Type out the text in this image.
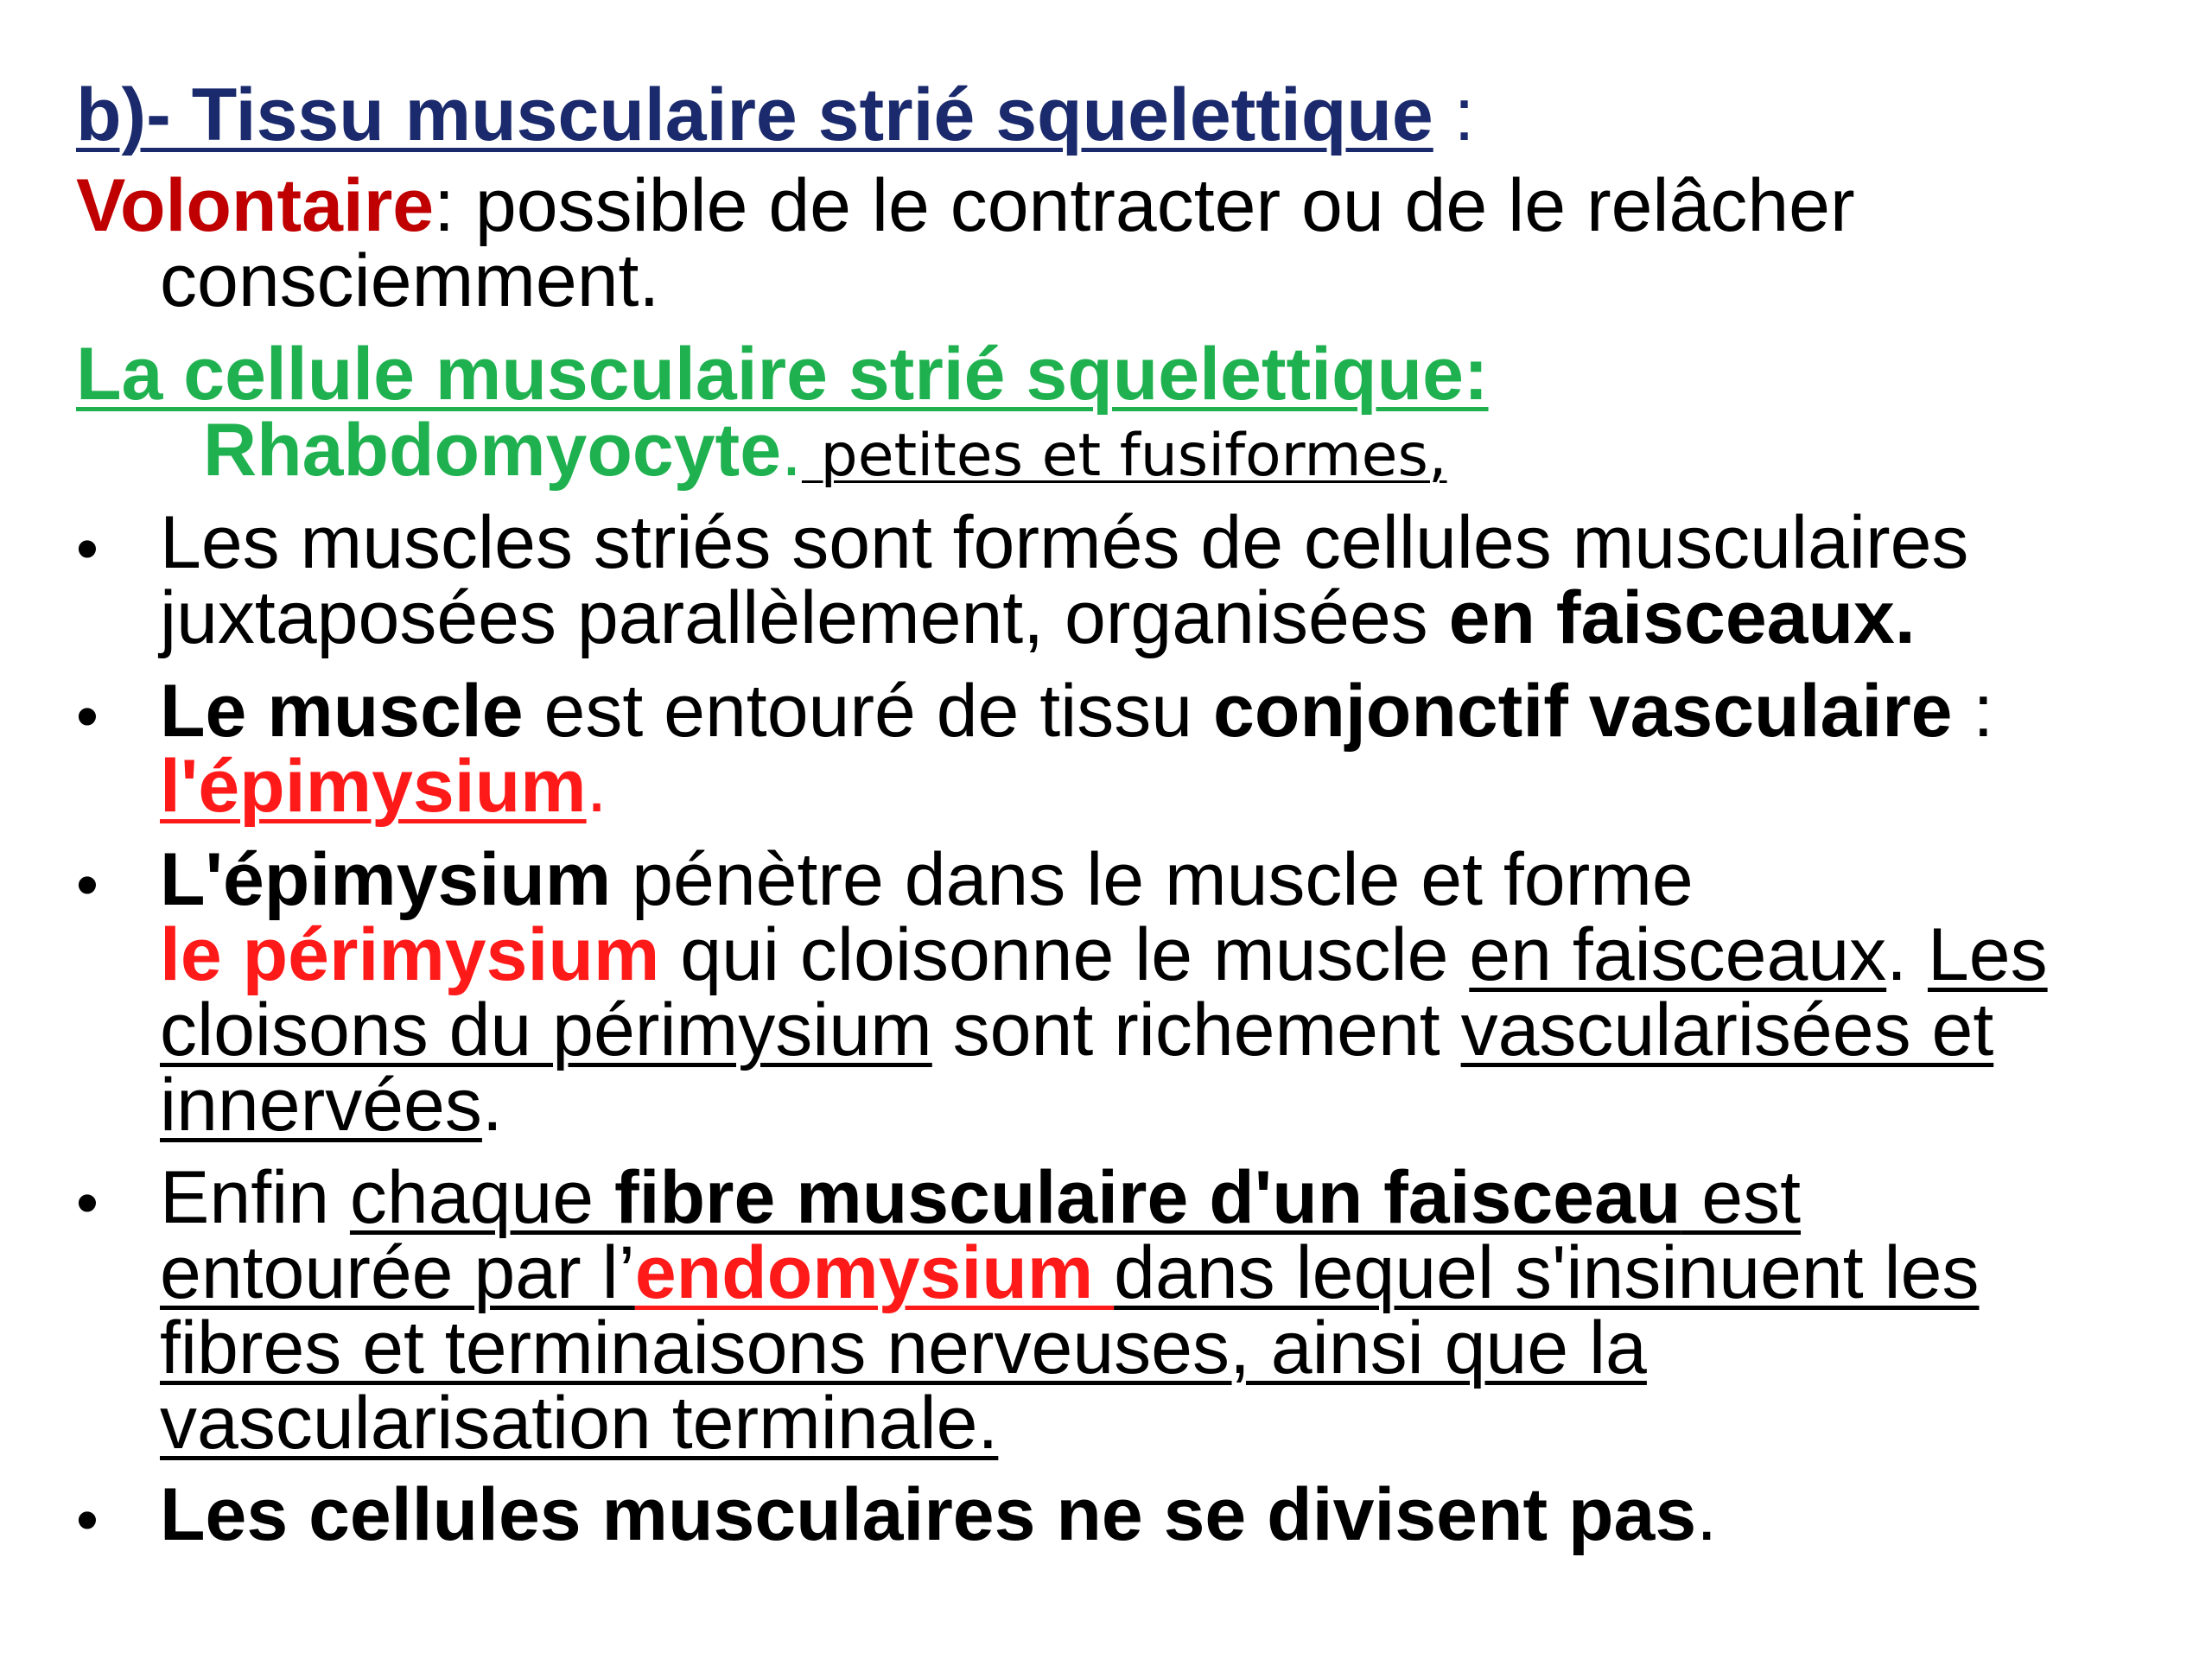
b)- Tissu musculaire strié squelettique :
Volontaire: possible de le contracter ou de le relâcher
consciemment.
La cellule musculaire strié squelettique:
Rhabdomyocyte. petites et fusiformes,
• Les muscles striés sont formés de cellules musculaires
juxtaposées parallèlement, organisées en faisceaux.
• Le muscle est entouré de tissu conjonctif vasculaire :
l'épimysium.
• L'épimysium pénètre dans le muscle et forme
le périmysium qui cloisonne le muscle en faisceaux. Les
cloisons du périmysium sont richement vascularisées et
innervées.
• Enfin chaque fibre musculaire d'un faisceau est
entourée par l’endomysium dans lequel s'insinuent les
fibres et terminaisons nerveuses, ainsi que la
vascularisation terminale.
• Les cellules musculaires ne se divisent pas.
